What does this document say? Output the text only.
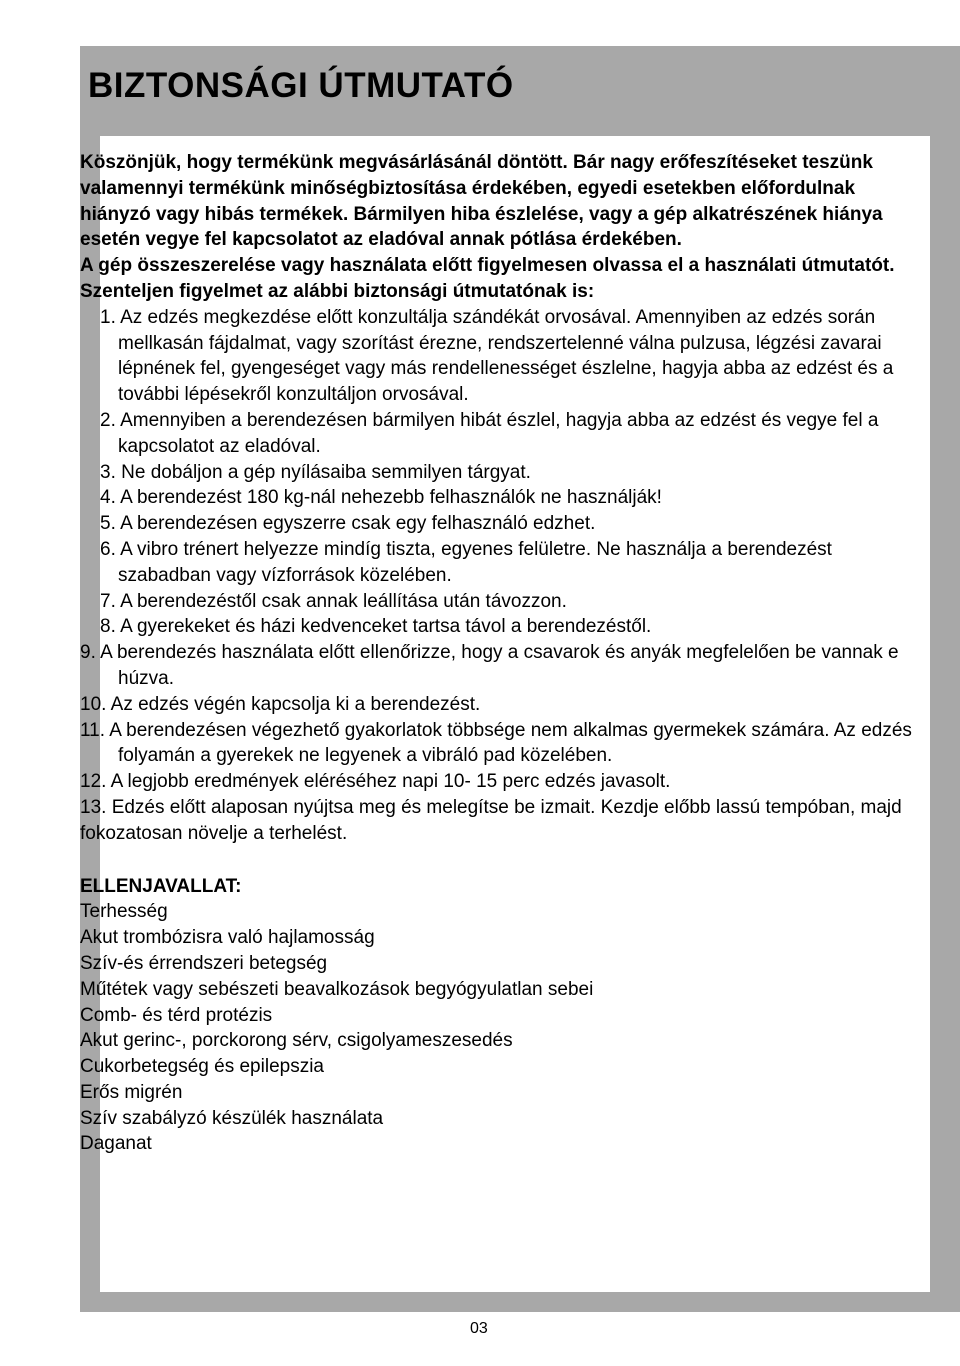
BIZTONSÁGI ÚTMUTATÓ

Köszönjük, hogy termékünk megvásárlásánál döntött. Bár nagy erőfeszítéseket teszünk valamennyi termékünk minőségbiztosítása érdekében, egyedi esetekben előfordulnak hiányzó vagy hibás termékek. Bármilyen hiba észlelése, vagy a gép alkatrészének hiánya esetén vegye fel kapcsolatot az eladóval annak pótlása érdekében.

A gép összeszerelése vagy használata előtt figyelmesen olvassa el a használati útmutatót. Szenteljen figyelmet az alábbi biztonsági útmutatónak is:

1. Az edzés megkezdése előtt konzultálja szándékát orvosával. Amennyiben az edzés során mellkasán fájdalmat, vagy szorítást érezne, rendszertelenné válna pulzusa, légzési zavarai lépnének fel, gyengeséget vagy más rendellenességet észlelne, hagyja abba az edzést és a további lépésekről konzultáljon orvosával.
2. Amennyiben a berendezésen bármilyen hibát észlel, hagyja abba az edzést és vegye fel a kapcsolatot az eladóval.
3. Ne dobáljon a gép nyílásaiba semmilyen tárgyat.
4. A berendezést 180 kg-nál nehezebb felhasználók ne használják!
5. A berendezésen egyszerre csak egy felhasználó edzhet.
6. A vibro trénert helyezze mindíg tiszta, egyenes felületre. Ne használja a berendezést szabadban vagy vízforrások közelében.
7. A berendezéstől csak annak leállítása után távozzon.
8. A gyerekeket és házi kedvenceket tartsa távol a berendezéstől.
9. A berendezés használata előtt ellenőrizze, hogy a csavarok és anyák megfelelően be vannak e húzva.
10. Az edzés végén kapcsolja ki a berendezést.
11. A berendezésen végezhető gyakorlatok többsége nem alkalmas gyermekek számára. Az edzés folyamán a gyerekek ne legyenek a vibráló pad közelében.
12. A legjobb eredmények eléréséhez napi 10- 15 perc edzés javasolt.
13. Edzés előtt alaposan nyújtsa meg és melegítse be izmait. Kezdje előbb lassú tempóban, majd fokozatosan növelje a terhelést.

ELLENJAVALLAT:

Terhesség
Akut trombózisra való hajlamosság
Szív-és érrendszeri betegség
Műtétek vagy sebészeti beavalkozások begyógyulatlan sebei
Comb- és térd protézis
Akut gerinc-, porckorong sérv, csigolyameszesedés
Cukorbetegség és epilepszia
Erős migrén
Szív szabályzó készülék használata
Daganat
03
